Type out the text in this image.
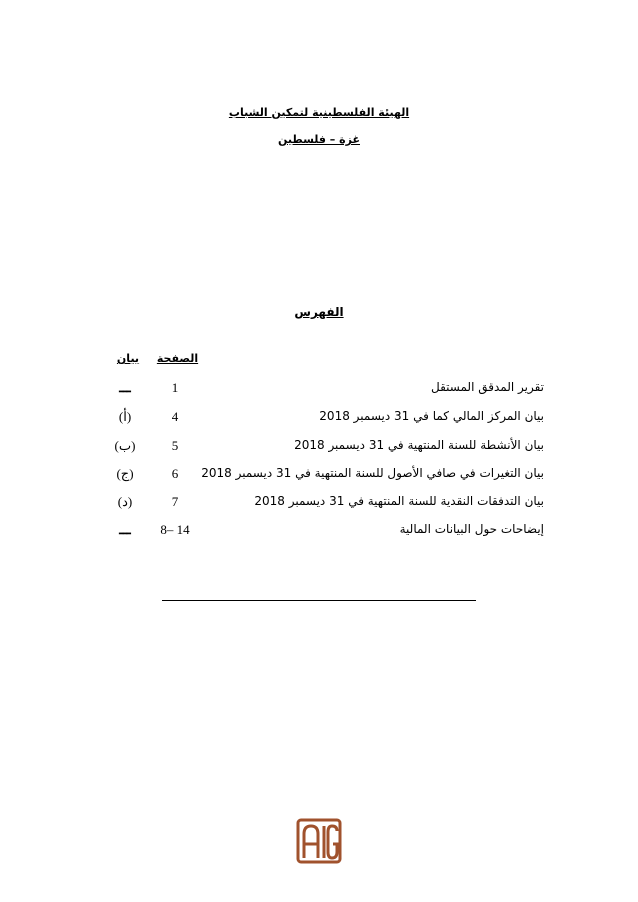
الهيئة الفلسطينية لتمكين الشباب
غزة – فلسطين
الفهرس
الصفحة
بيان
تقرير المدقق المستقل
1
ـــ
بيان المركز المالي كما في 31 ديسمبر 2018
4
(أ)
بيان الأنشطة للسنة المنتهية في 31 ديسمبر 2018
5
(ب)
بيان التغيرات في صافي الأصول للسنة المنتهية في 31 ديسمبر 2018
6
(ج)
بيان التدفقات النقدية للسنة المنتهية في 31 ديسمبر 2018
7
(د)
إيضاحات حول البيانات المالية
8– 14
ـــ
